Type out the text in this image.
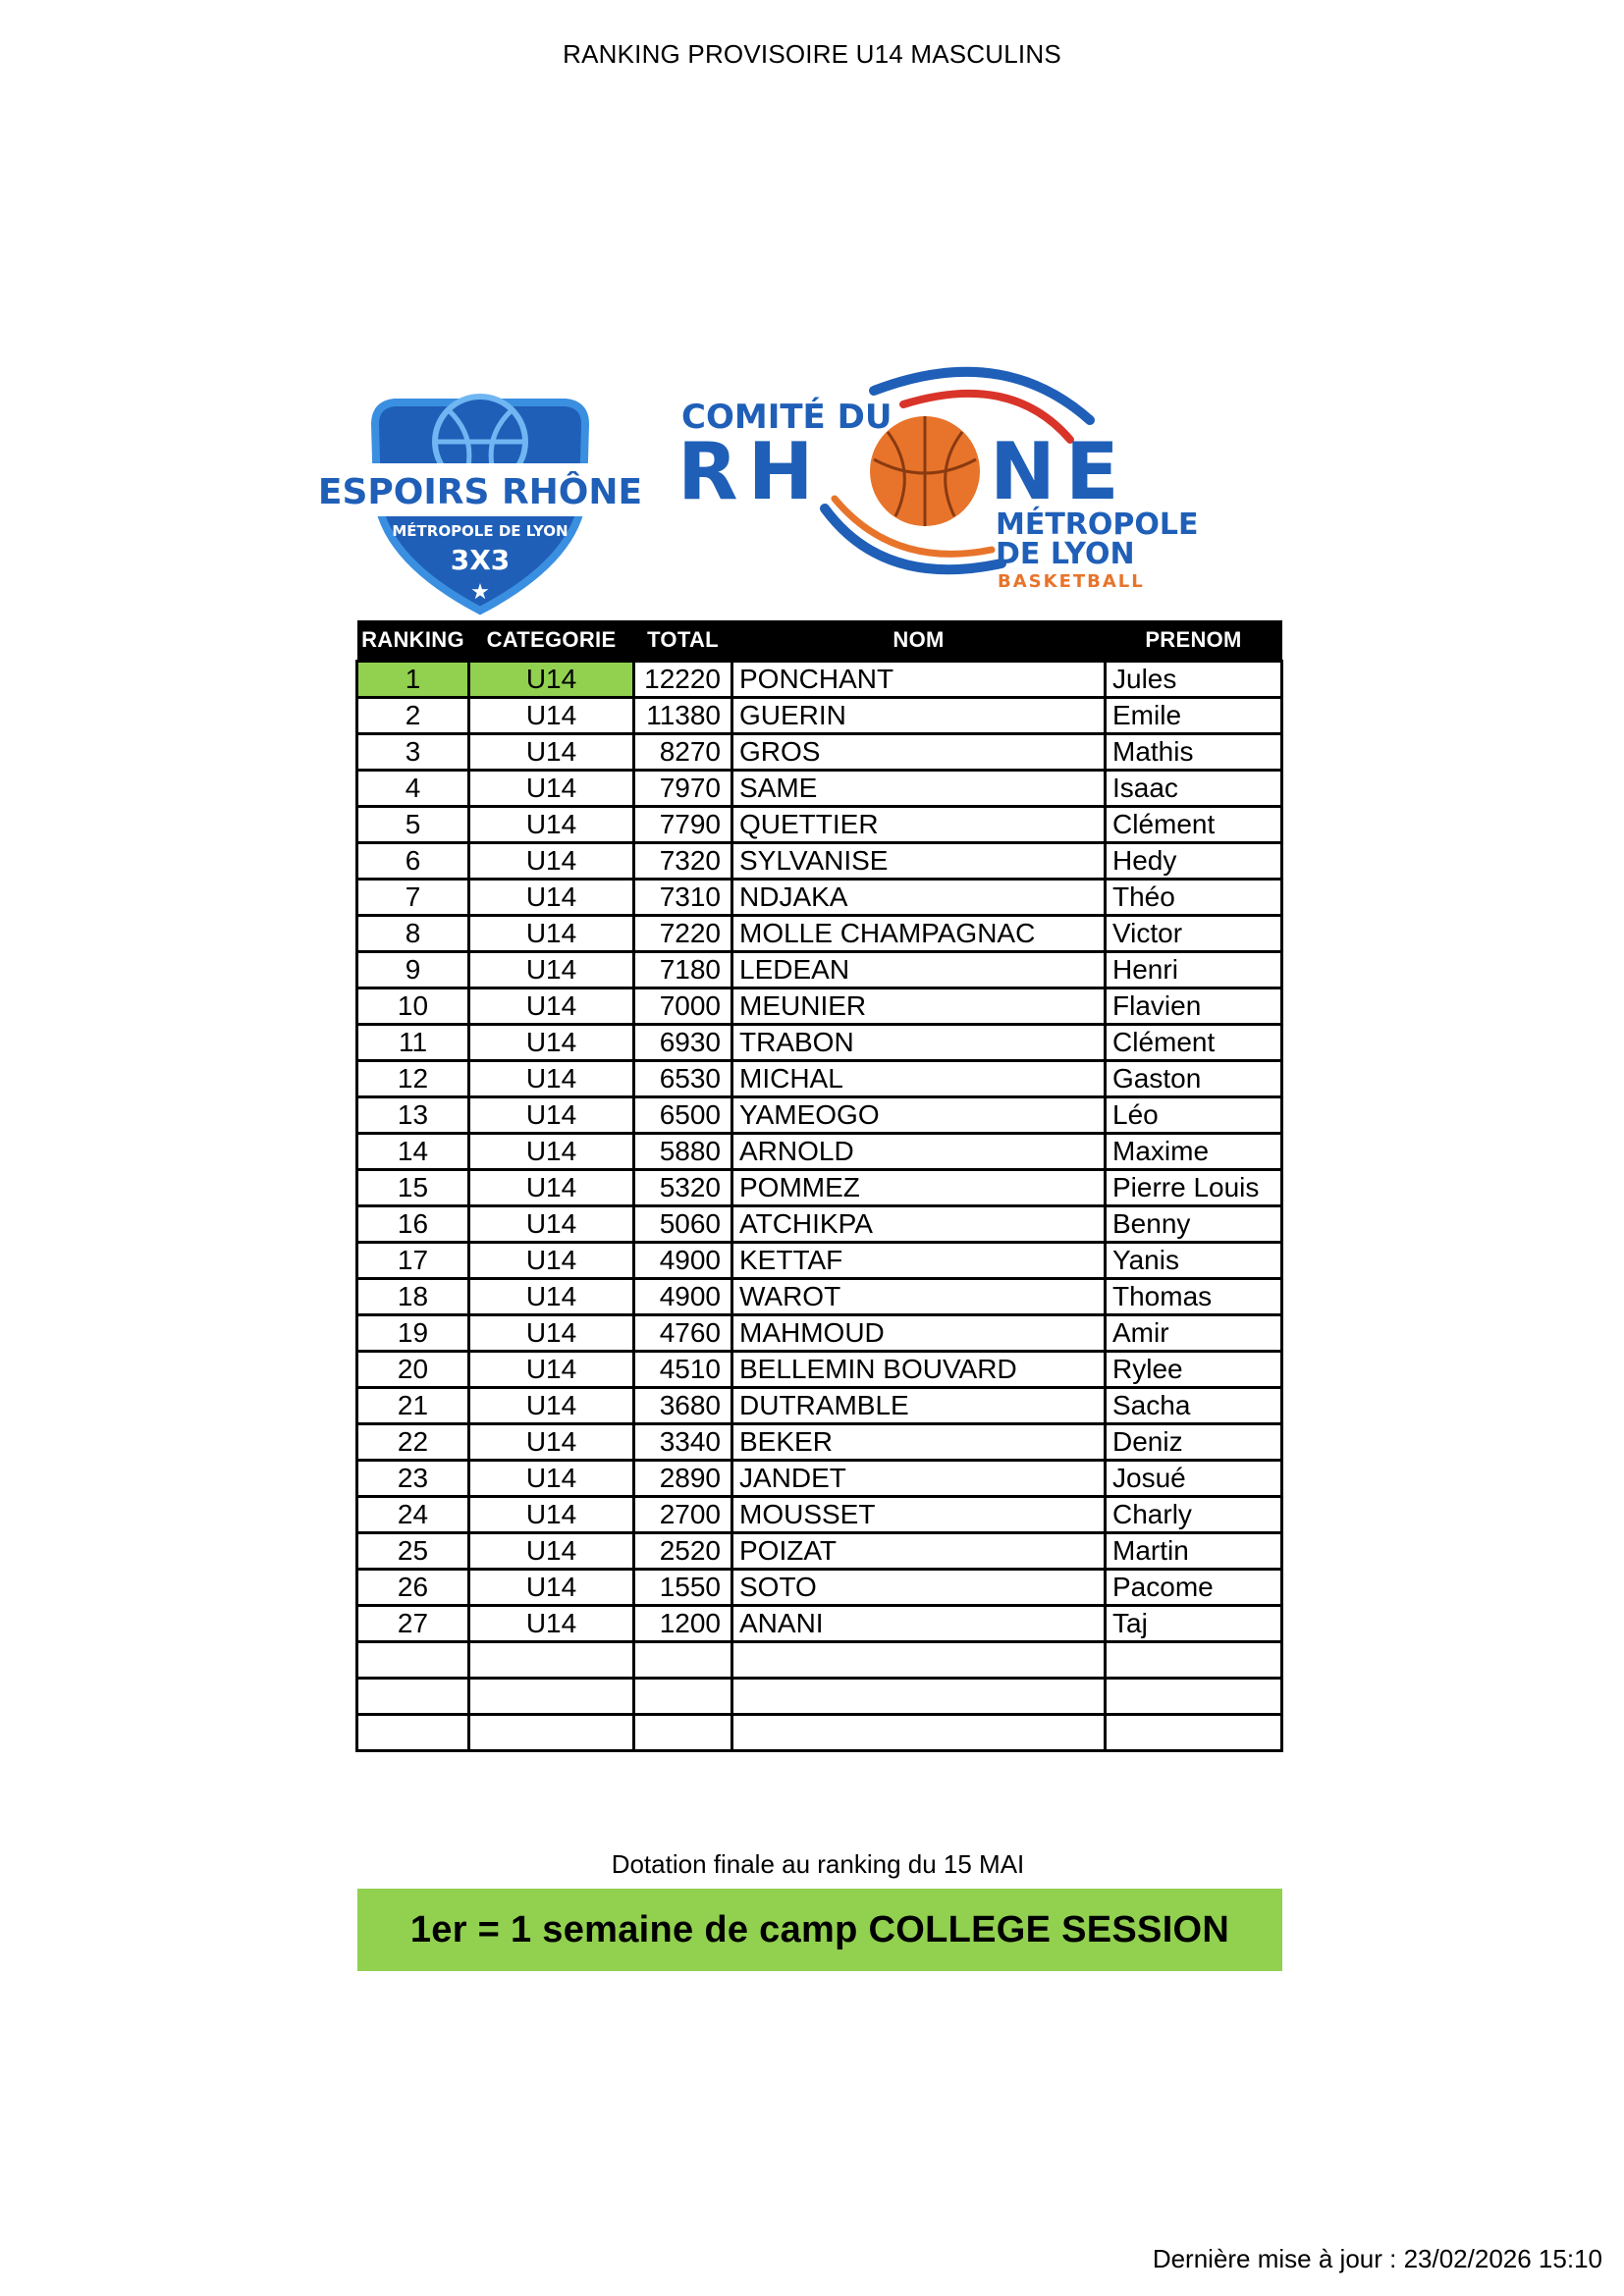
RANKING PROVISOIRE U14 MASCULINS
ESPOIRS RHÔNE
MÉTROPOLE DE LYON
3X3
★
COMITÉ DU
RH NE
MÉTROPOLE
DE LYON
BASKETBALL
RANKING	CATEGORIE	TOTAL	NOM	PRENOM
1	U14	12220	PONCHANT	Jules
2	U14	11380	GUERIN	Emile
3	U14	8270	GROS	Mathis
4	U14	7970	SAME	Isaac
5	U14	7790	QUETTIER	Clément
6	U14	7320	SYLVANISE	Hedy
7	U14	7310	NDJAKA	Théo
8	U14	7220	MOLLE CHAMPAGNAC	Victor
9	U14	7180	LEDEAN	Henri
10	U14	7000	MEUNIER	Flavien
11	U14	6930	TRABON	Clément
12	U14	6530	MICHAL	Gaston
13	U14	6500	YAMEOGO	Léo
14	U14	5880	ARNOLD	Maxime
15	U14	5320	POMMEZ	Pierre Louis
16	U14	5060	ATCHIKPA	Benny
17	U14	4900	KETTAF	Yanis
18	U14	4900	WAROT	Thomas
19	U14	4760	MAHMOUD	Amir
20	U14	4510	BELLEMIN BOUVARD	Rylee
21	U14	3680	DUTRAMBLE	Sacha
22	U14	3340	BEKER	Deniz
23	U14	2890	JANDET	Josué
24	U14	2700	MOUSSET	Charly
25	U14	2520	POIZAT	Martin
26	U14	1550	SOTO	Pacome
27	U14	1200	ANANI	Taj

Dotation finale au ranking du 15 MAI
1er = 1 semaine de camp COLLEGE SESSION
Dernière mise à jour : 23/02/2026 15:10
